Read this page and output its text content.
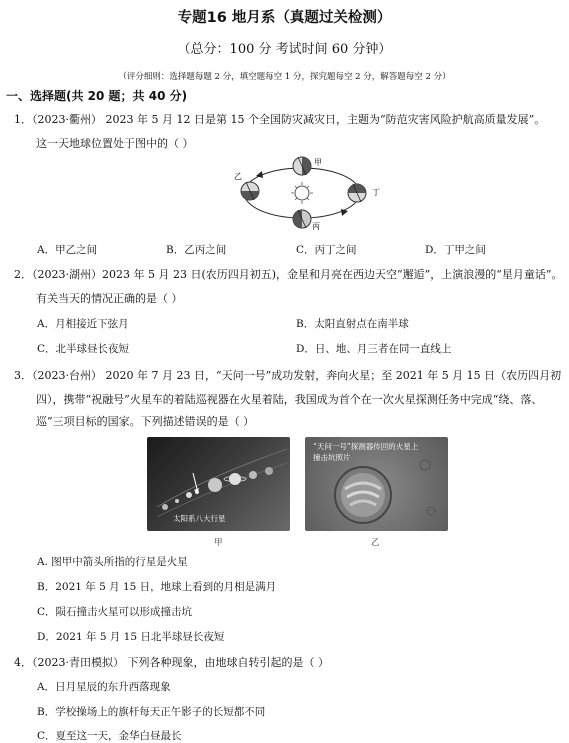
专题16 地月系（真题过关检测）
（总分：100 分 考试时间 60 分钟）
（评分细则：选择题每题 2 分，填空题每空 1 分，探究题每空 2 分，解答题每空 2 分）
一、选择题(共 20 题；共 40 分)
1．（2023·衢州） 2023 年 5 月 12 日是第 15 个全国防灾减灾日，主题为“防范灾害风险护航高质量发展”。
这一天地球位置处于图中的（ ）
甲
乙
丙
丁
A．甲乙之间	B．乙丙之间	C．丙丁之间	D．丁甲之间
2．（2023·湖州）2023 年 5 月 23 日(农历四月初五)，金星和月亮在西边天空“邂逅”，上演浪漫的“星月童话”。
有关当天的情况正确的是（ ）
A．月相接近下弦月	B．太阳直射点在南半球
C．北半球昼长夜短	D．日、地、月三者在同一直线上
3．（2023·台州） 2020 年 7 月 23 日，“天问一号”成功发射，奔向火星；至 2021 年 5 月 15 日（农历四月初
四），携带“祝融号”火星车的着陆巡视器在火星着陆，我国成为首个在一次火星探测任务中完成“绕、落、
巡”三项目标的国家。下列描述错误的是（ ）
太阳系八大行星
甲
“天问一号”探测器传回的火星上
撞击坑照片
乙
A. 图甲中箭头所指的行星是火星
B．2021 年 5 月 15 日，地球上看到的月相是满月
C．陨石撞击火星可以形成撞击坑
D．2021 年 5 月 15 日北半球昼长夜短
4．（2023·青田模拟） 下列各种现象，由地球自转引起的是（ ）
A．日月星辰的东升西落现象
B．学校操场上的旗杆每天正午影子的长短都不同
C．夏至这一天，金华白昼最长
